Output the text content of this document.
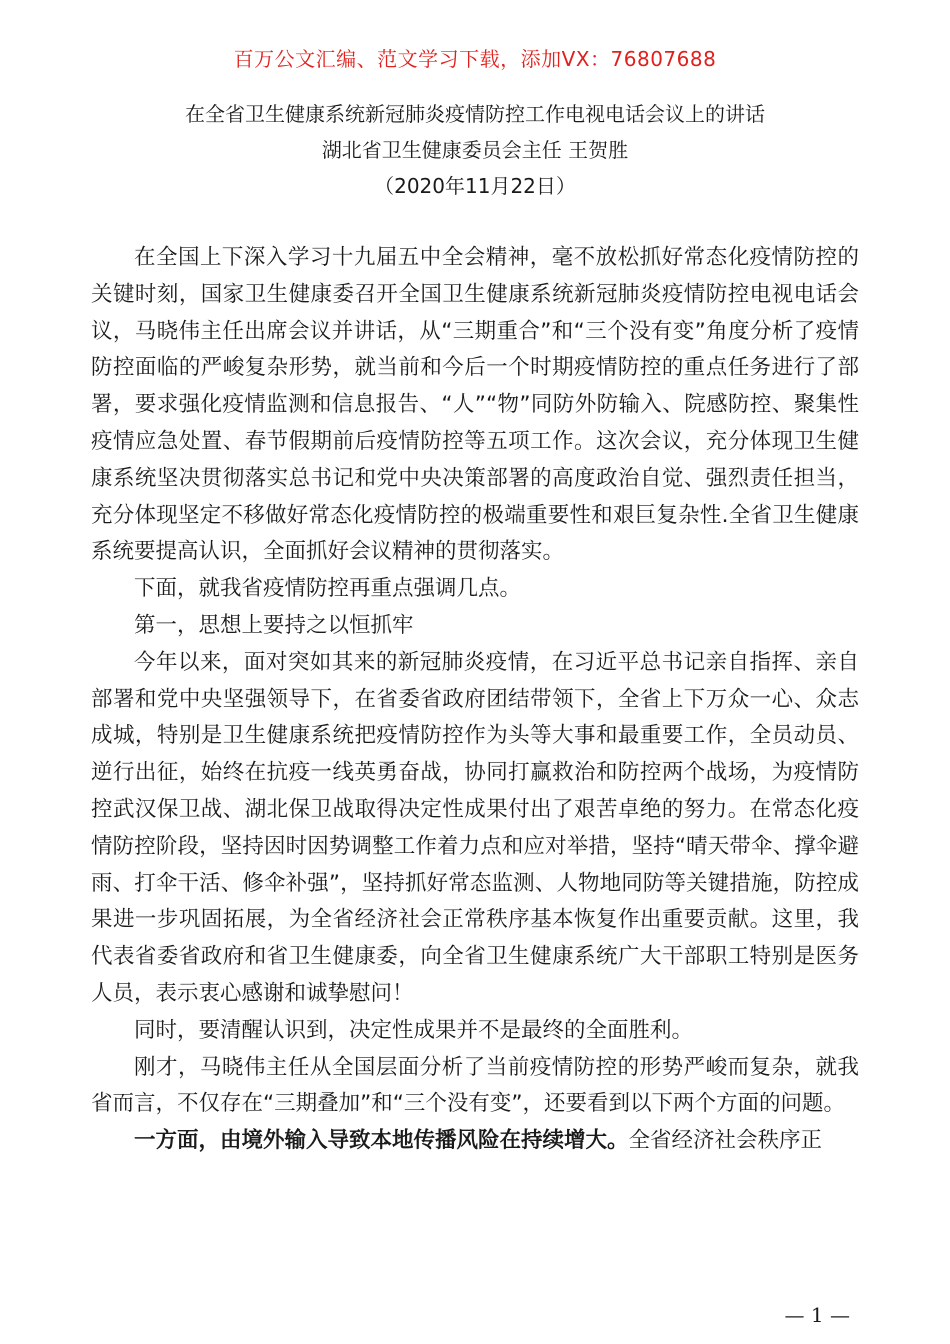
百万公文汇编、范文学习下载，添加VX：76807688
在全省卫生健康系统新冠肺炎疫情防控工作电视电话会议上的讲话
湖北省卫生健康委员会主任 王贺胜
（2020年11月22日）

在全国上下深入学习十九届五中全会精神，毫不放松抓好常态化疫情防控的关键时刻，国家卫生健康委召开全国卫生健康系统新冠肺炎疫情防控电视电话会议，马晓伟主任出席会议并讲话，从“三期重合”和“三个没有变”角度分析了疫情防控面临的严峻复杂形势，就当前和今后一个时期疫情防控的重点任务进行了部署，要求强化疫情监测和信息报告、“人”“物”同防外防输入、院感防控、聚集性疫情应急处置、春节假期前后疫情防控等五项工作。这次会议，充分体现卫生健康系统坚决贯彻落实总书记和党中央决策部署的高度政治自觉、强烈责任担当，充分体现坚定不移做好常态化疫情防控的极端重要性和艰巨复杂性.全省卫生健康系统要提高认识，全面抓好会议精神的贯彻落实。

下面，就我省疫情防控再重点强调几点。

第一，思想上要持之以恒抓牢

今年以来，面对突如其来的新冠肺炎疫情，在习近平总书记亲自指挥、亲自部署和党中央坚强领导下，在省委省政府团结带领下，全省上下万众一心、众志成城，特别是卫生健康系统把疫情防控作为头等大事和最重要工作，全员动员、逆行出征，始终在抗疫一线英勇奋战，协同打赢救治和防控两个战场，为疫情防控武汉保卫战、湖北保卫战取得决定性成果付出了艰苦卓绝的努力。在常态化疫情防控阶段，坚持因时因势调整工作着力点和应对举措，坚持“晴天带伞、撑伞避雨、打伞干活、修伞补强”，坚持抓好常态监测、人物地同防等关键措施，防控成果进一步巩固拓展，为全省经济社会正常秩序基本恢复作出重要贡献。这里，我代表省委省政府和省卫生健康委，向全省卫生健康系统广大干部职工特别是医务人员，表示衷心感谢和诚挚慰问！

同时，要清醒认识到，决定性成果并不是最终的全面胜利。

刚才，马晓伟主任从全国层面分析了当前疫情防控的形势严峻而复杂，就我省而言，不仅存在“三期叠加”和“三个没有变”，还要看到以下两个方面的问题。

一方面，由境外输入导致本地传播风险在持续增大。全省经济社会秩序正

— 1 —
